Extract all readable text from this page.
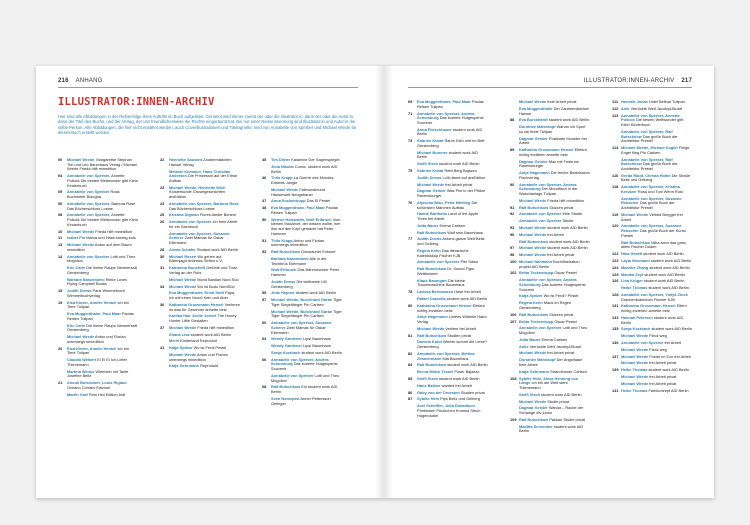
216 ANHANG	ILLUSTRATOR:INNEN-ARCHIV 217
ILLUSTRATOR:INNEN-ARCHIV
Hier sind alle Abbildungen in der Reihenfolge ihres Auftritts im Buch aufgelistet: Genannt wird immer zuerst der oder die Illustrator:in, dann der oder die Autor:in, dann der Titel des Buchs, und der Verlag, der uns freundlicherweise die Rechte eingeräumt hat. Bei nur einer Namensnennung sind Illustrator:in und Autor:in die selbe Person. Alle Abbildungen, die hier nicht erwähnt werden, auch Coverillustrationen und Titelvignette, sind von Annabelle von Sperber und Michael Wrede für dieses Buch erstellt worden.
00	Michael Wrede, Margarethe Stephan Tim und Leo Baumhaus Verlag / Michael Wrede Frieda hilft minedition
04	Annabelle von Sperber, Annette Pollock Die besten Weltwunder gibt Klein Kinderbuch
05	Annabelle von Sperber Rosa Buchmeier Bologna
06	Annabelle von Sperber, Barbora Rose Das Bücherschloss Loewe
08	Annabelle von Sperber, Annette Pollock Die besten Weltwunder gibt Klein Kinderbuch
10	Michael Wrede Frieda hilft minedition
11	Isabel Pin Mama und Hase sonntg kolo
13	Michael Wrede Anton auf dem Baum minedition
14	Annabelle von Sperber Lotti und Theo Mogollon
Eric Carle Die kleine Raupe Nimmersatt Gerstenberg
Barbara Nascimbeni Rieke Loves Flying Campbell Books
15	Judith Drews Paris Wimmelbuch Wimmelbuchverlag
19	Elsa Klever, Amelie Henkel Ich bin Tiere Tulipan
Eva Muggenthaler, Paul Maar Paulas Reisen Tulipan
Eric Carle Die kleine Raupe Nimmersatt Gerstenberg
Michael Wrede Anton und Florian unterwegs minedition
20	Elsa Klever, Amelie Henkel Ich bin Tiere Tulipan
Claudia Weikert Ei Ei Ei Ich Lofter Thienemann
Martina Wenke Wimmeln mit Tante Josefine Beltz
21	Anouk Boisrobert, Louis Rigaud Oceano Corraini Edizioni
Martin Graf Petri Heil Edition 8x8
22	Henriette Sauvant Zaubermädchen Hanser Verlag
Melanie Kemmler, Hans Christian Andersen Die Prinzessin auf der Erbse Aufbau
23	Michael Wrede, Henriette Wich Klosterkunde Gruselgeschichten arsEdition
24	Annabelle von Sperber, Barbora Rose Das Bücherschloss Loewe
25	Kristina Digman Flores Atelier Bohem
26	Annabelle von Sperber Ich freie Arbeit für ein Sachbuch
Annabelle von Sperber, Susanne Scherer Zwei Mamas für Oskar Ellermann
28	Alexia Schäfer Student work AID Berlin
30	Michael Rosen Wo gehen auf Bärenjagd Andrews Sefton u V.
31	Katharina Bunshoff Gefühle und Trotz Verlag an der Ruhr
Michael Wrede Mond Bastian Nord Süd
34	Michael Wrede Wo ist Bodo NordSüd
Eva Muggenthaler, Ernst Kahl Papa, ich will einen Hund! Kein und Aber
36	Katharina Grossmann Hensel Verlieren ist was für Gewinner annette betz
Kartika Hair Joelle Jolivet The Honey Hunter Little Gestalten
37	Michael Wrede Frieda hilft minedition
Shana Lisa student work AID Berlin
Merel Kinderland Reproduit
41	Katja Spitzer Wo ist Ferdi Pestel
Michael Wrede Anton und Florian unterwegs minedition
Katja Gehrmann Reprodukt
45	Tim Dinter Kalamine Der Sagenspiegel
Julia Nikolai Comic, student work AID Berlin
46	Thilo Krapp La Guerre des Mondes Editions Jungle
Michael Wrede Fallmundmund Häuserwelt Neugebauer
47	Anna Sockentrupp Das Ei Pestel
48	Eva Muggenthaler, Paul Maar Paulas Reisen Tulipan
50	Werner Holzwarth, Wolf Erlbruch Vom kleinen Maulwurf, der wissen wollte, wer ihm auf den Kopf gemacht hat Peter Hammer
51	Thilo Krapp Anton und Florian unterwegs minedition
53	Ralf Butschkow Dinosaurier Entwurf
Barbara Nascimbeni Alle in die Teichbrüs Ellermann
Wolf Erlbruch Das Bärenwunder Peter Hammer
Judith Drews Die weltbeste Lilli Gerstenberg
55	Jette Hepner student work AID Berlin
57	Michael Wrede, Burckhard Garbe Tiger Tiger Siegelfänger Pin Carlsen
Michael Wrede, Burckhard Garbe Tiger Tiger Siegelfänger Pin Carlsen
60	Annabelle von Sperber, Susanne Scherer Zwei Mamas für Oskar Ellermann
63	Wendy Gardener Lipsi Baumhaus
Wendy Gardener Lipsi Baumhaus
Sonja Korzbach student work AID Berlin
66	Annabelle von Sperber, Andrea Schomburg Das kurierte Hutgespenst Souvenir
Annabelle von Sperber Lotti und Theo Mogollon
68	Ralf Butschkow Ein student work AID Berlin
Sven Nordqvist Armer Pettersson Oetinger
69	Eva Muggenthaler, Paul Maar Paulas Reisen Tulipan
71	Annabelle von Sperber, Andrea Schomburg Das kurierte Hutgespenst Souvenir
Anna Fleischhauer student work AID Berlin
73	Sabrine Kubat Raum Dich nett im Bett Gerstenberg
Michael Brunner student work AID Berlin
Steffi Stroh student work AID Berlin
75	Sabrine Kubat Rettt Berg Bajazzo
Judith Drews Lolli räumt auf arsEdition
Michael Wrede frei Arbeit privat
Dagmar Geisler Was Pim in der Pfütze Ravensburger
76	Aljoscha Blau, Peter Härtling Die schönsten Märchen Aufbau
Hanne Bartholin Land of the Apple Trees frei Arbeit
Jutta Bauer Emma Carlsen
Ralf Butschkow Wolf sein Baumhaus
77	Judith Drews Antons ganze Welt Beltz und Gelberg
Regina Kehn Das literarische Kaleidoskop Fischer KJB
Annabelle von Sperber Piet Salso
Ralf Butschkow Dr. Sound Figur Wettbewerb
Klaus Baumgart Die kleine Traummaschine Baumhaus
78	Larissa Bertonasco Hase frei Arbeit
Rafael Cascella student work AID Berlin
80	Katharina Grossmann Hensel Elefant richtig erzählen beltz
Antje Hagemann Liniens Wirbelle Habo Verlag
Michael Wrede Verliere frei Arbeit
81	Ralf Butschkow Studien privat
Daniela Kulot Wieher summt die Liebe? Gerstenberg
82	Annabelle von Sperber, Bettina Zimmermann Mia Baumhaus
84	Ralf Butschkow student work AID Berlin
Bernd Mölck Tessel Poser Bajazzo
85	Steffi Stroh student work AID Berlin
Hans Baltzer wanted frei Arbeit
86	Gaby von der Droesten Studien privat
87	Sybille Hein Pips Beltz und Gelberg
Axel Scheffler, Julia Donaldson Pünktchen Pünktchen Komma Strich Hugendubel
Michael Wrede freie Arbeit privat
Eva Muggenthaler Der Zaubermädchen Hanser
88	Eva Burckhardt student work AID Berlin
Dorothee Mahnkopf Warum ich Sport so toll finde Tulipan
Dagmar Geisler Postkarte Monster frei Arbeit
89	Katharina Grossmann Hensel Elefant richtig erzählen annette betz
Dagmar Geisler Max mit Federlos Ravensburger
Antje Hagemann Die freche Beatrixseux Fischverlag
90	Annabelle von Sperber, Andrea Schomburg Der Mondfisch in der Waschanlage Tulipan
Michael Wrede Frieda hilft minedition
91	Ralf Butschkow Skizzen privat
92	Annabelle von Sperber freie Studie
Annabelle von Sperber Studie
93	Michael Wrede student work AID Berlin
96	Michael Wrede frei Arbeit
Ralf Butschkow student work AID Berlin
97	Michael Wrede student work AID Berlin
98	Michael Wrede frei Arbeit privat
100 Michael Nahmann Buchillustration projekt AID Berlin
102 Britta Teckentrupp Oscar Pestel
Annabelle von Sperber, Andrea Schomburg Das kurierte Hutgespenst Souvenir
Katja Spitzer Wo ist Ferdi? Pestel
Regina Kehn Maus im Regen Gerstenberg
106 Ralf Butschkow Skizzen privat
107 Britta Teckentrupp Oscar Pestel
Annabelle von Sperber Lotti und Theo Mogollon
Jutta Bauer Emma Carlsen
Anke Verrückte Welt Jacoby&Stuart
Michael Wrede frei Arbeit privat
Dorothee Mahnkopf Der Angsthase freie Arbeit
Katja Gehrmann Strandhunde Carlsen
108 Sybille Hein, Alexa Henning von Lange Ich bin die Welt steht Thienemann
Steffi Stroh student work AID Berlin
Michael Wrede Studie privat
Dagmar Geisler Wanda – Rache der Schlange dtv junior
109 Ralf Butschkow Pakkan Studie privat
Maditta Schrenker student work AID Berlin
111 Hendrik Jonas Hotel Bellrue Tulipan
112 Anik Verrückte Welt Jacoby&Stuart
113 Annabelle von Sperber, Annette Pollock Die besten Weltwunder gibt Klein Kinderbuch
Annabelle von Sperber, Ralf Butschkow Das große Buch der Architektur Prestel
114 Michael Wrede, Michael Koglin Fliege Engel flieg Pin Carlsen
Annabelle von Sperber, Ralf Butschkow Das große Buch der Architektur Prestel
116 Gerda Raidt, Christa Holtei Die Straße Beltz und Gelberg
118 Annabelle von Sperber, Kristina Kreutzer Rosa und Toni Wenn Rosi
Annabelle von Sperber, Susanne Rebscher Das große Buch der Architektur Prestel
119 Michael Wrede Virrbiid Bregger frei Arbeit
120 Annabelle von Sperber, Susanne Rebscher Das große Buch der Kunst Prestel
Ralf Butschkow Mika kann das ganz allein Fischer Duden
122 Nina Hewitt student work AID Berlin
123 Layla Neumann student work AID Berlin
124 Mareike Zhang student work AID Berlin
125 Manika Zeyf student work AID Berlin
126 Lina Krüger student work AID Berlin
Heike Thomas student work AID Berlin
128 Annabelle von Sperber, Yuliya Zinck Drachenkräutchen Fischer KJB
131 Katharina Grossmann Hensel Eltern richtig erziehen annette betz
133 Hannah Petersen student work AID Berlin
135 Sonja Korzbach student work AID Berlin
Michael Wrede Fleck weg
136 Annabelle von Sperber frei Arbeit
Michael Wrede Fleck weg
137 Michael Wrede Friede im Zoo frei Arbeit
Michael Wrede frei Arbeit privat
139 Heike Thomas student work AID Berlin
Michael Wrede frei Arbeit privat
Michael Wrede frei Arbeit privat
141 Heike Thomas Farbkonzept AID Berlin
